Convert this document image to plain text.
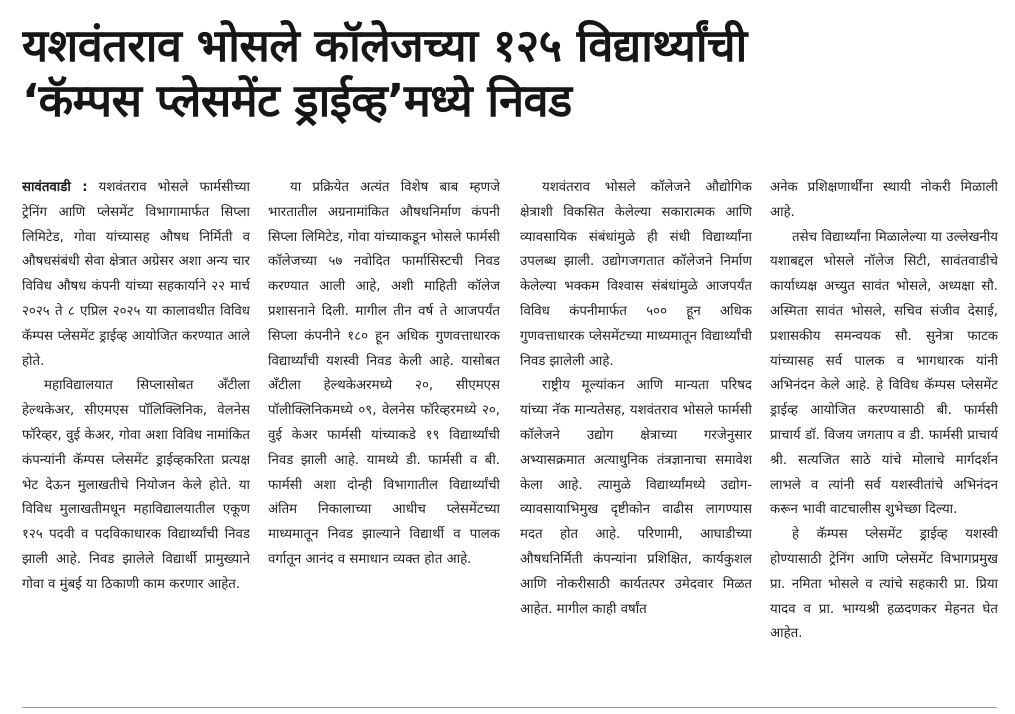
यशवंतराव भोसले कॉलेजच्या १२५ विद्यार्थ्यांची
‘कॅम्पस प्लेसमेंट ड्राईव्ह’मध्ये निवड

सावंतवाडी : यशवंतराव भोसले फार्मसीच्या ट्रेनिंग आणि प्लेसमेंट विभागामार्फत सिप्ला लिमिटेड, गोवा यांच्यासह औषध निर्मिती व औषधसंबंधी सेवा क्षेत्रात अग्रेसर अशा अन्य चार विविध औषध कंपनी यांच्या सहकार्याने २२ मार्च २०२५ ते ८ एप्रिल २०२५ या कालावधीत विविध कॅम्पस प्लेसमेंट ड्राईव्ह आयोजित करण्यात आले होते.

महाविद्यालयात सिप्लासोबत अँटीला हेल्थकेअर, सीएमएस पॉलिक्लिनिक, वेलनेस फॉरेव्हर, वुई केअर, गोवा अशा विविध नामांकित कंपन्यांनी कॅम्पस प्लेसमेंट ड्राईव्हकरिता प्रत्यक्ष भेट देऊन मुलाखतीचे नियोजन केले होते. या विविध मुलाखतीमधून महाविद्यालयातील एकूण १२५ पदवी व पदविकाधारक विद्यार्थ्यांची निवड झाली आहे. निवड झालेले विद्यार्थी प्रामुख्याने गोवा व मुंबई या ठिकाणी काम करणार आहेत.

या प्रक्रियेत अत्यंत विशेष बाब म्हणजे भारतातील अग्रनामांकित औषधनिर्माण कंपनी सिप्ला लिमिटेड, गोवा यांच्याकडून भोसले फार्मसी कॉलेजच्या ५७ नवोदित फार्मासिस्टची निवड करण्यात आली आहे, अशी माहिती कॉलेज प्रशासनाने दिली. मागील तीन वर्ष ते आजपर्यंत सिप्ला कंपनीने १८० हून अधिक गुणवत्ताधारक विद्यार्थ्यांची यशस्वी निवड केली आहे. यासोबत अँटीला हेल्थकेअरमध्ये २०, सीएमएस पॉलीक्लिनिकमध्ये ०९, वेलनेस फॉरेव्हरमध्ये २०, वुई केअर फार्मसी यांच्याकडे १९ विद्यार्थ्यांची निवड झाली आहे. यामध्ये डी. फार्मसी व बी. फार्मसी अशा दोन्ही विभागातील विद्यार्थ्यांची अंतिम निकालाच्या आधीच प्लेसमेंटच्या माध्यमातून निवड झाल्याने विद्यार्थी व पालक वर्गातून आनंद व समाधान व्यक्त होत आहे.

यशवंतराव भोसले कॉलेजने औद्योगिक क्षेत्राशी विकसित केलेल्या सकारात्मक आणि व्यावसायिक संबंधांमुळे ही संधी विद्यार्थ्यांना उपलब्ध झाली. उद्योगजगतात कॉलेजने निर्माण केलेल्या भक्कम विश्वास संबंधांमुळे आजपर्यंत विविध कंपनीमार्फत ५०० हून अधिक गुणवत्ताधारक प्लेसमेंटच्या माध्यमातून विद्यार्थ्यांची निवड झालेली आहे.

राष्ट्रीय मूल्यांकन आणि मान्यता परिषद यांच्या नॅक मान्यतेसह, यशवंतराव भोसले फार्मसी कॉलेजने उद्योग क्षेत्राच्या गरजेनुसार अभ्यासक्रमात अत्याधुनिक तंत्रज्ञानाचा समावेश केला आहे. त्यामुळे विद्यार्थ्यांमध्ये उद्योग-व्यावसायाभिमुख दृष्टीकोन वाढीस लागण्यास मदत होत आहे. परिणामी, आघाडीच्या औषधनिर्मिती कंपन्यांना प्रशिक्षित, कार्यकुशल आणि नोकरीसाठी कार्यतत्पर उमेदवार मिळत आहेत. मागील काही वर्षांत

अनेक प्रशिक्षणार्थींना स्थायी नोकरी मिळाली आहे.

तसेच विद्यार्थ्यांना मिळालेल्या या उल्लेखनीय यशाबद्दल भोसले नॉलेज सिटी, सावंतवाडीचे कार्याध्यक्ष अच्युत सावंत भोसले, अध्यक्षा सौ. अस्मिता सावंत भोसले, सचिव संजीव देसाई, प्रशासकीय समन्वयक सौ. सुनेत्रा फाटक यांच्यासह सर्व पालक व भागधारक यांनी अभिनंदन केले आहे. हे विविध कॅम्पस प्लेसमेंट ड्राईव्ह आयोजित करण्यासाठी बी. फार्मसी प्राचार्य डॉ. विजय जगताप व डी. फार्मसी प्राचार्य श्री. सत्यजित साठे यांचे मोलाचे मार्गदर्शन लाभले व त्यांनी सर्व यशस्वीतांचे अभिनंदन करून भावी वाटचालीस शुभेच्छा दिल्या.

हे कॅम्पस प्लेसमेंट ड्राईव्ह यशस्वी होण्यासाठी ट्रेनिंग आणि प्लेसमेंट विभागप्रमुख प्रा. नमिता भोसले व त्यांचे सहकारी प्रा. प्रिया यादव व प्रा. भाग्यश्री हळदणकर मेहनत घेत आहेत.
